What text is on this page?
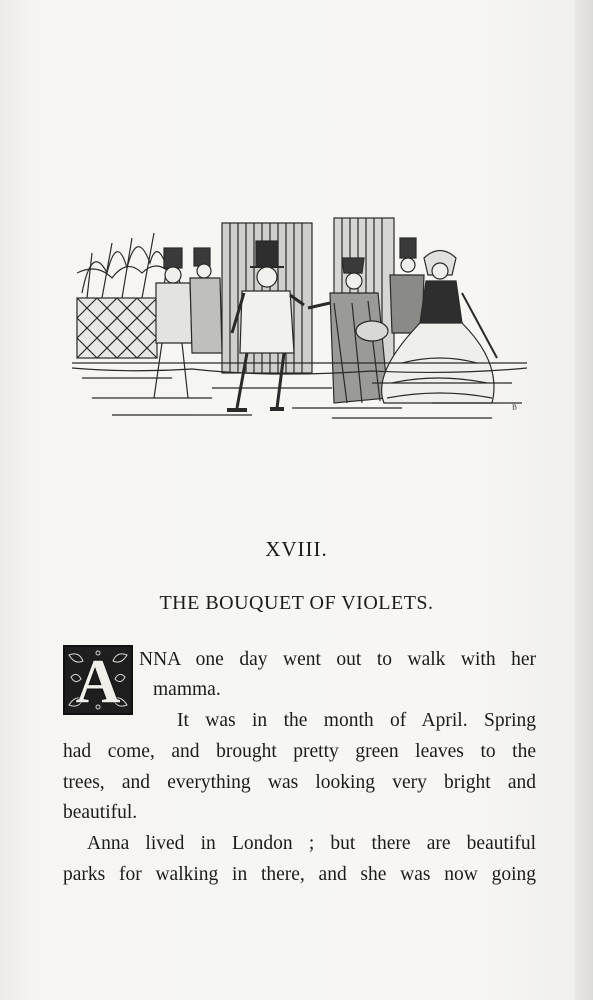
ᴮ
XVIII.
THE BOUQUET OF VIOLETS.
A NNA one day went out to walk with her
mamma.
It was in the month of April. Spring
had come, and brought pretty green leaves to the
trees, and everything was looking very bright and
beautiful.
Anna lived in London ; but there are beautiful
parks for walking in there, and she was now going
